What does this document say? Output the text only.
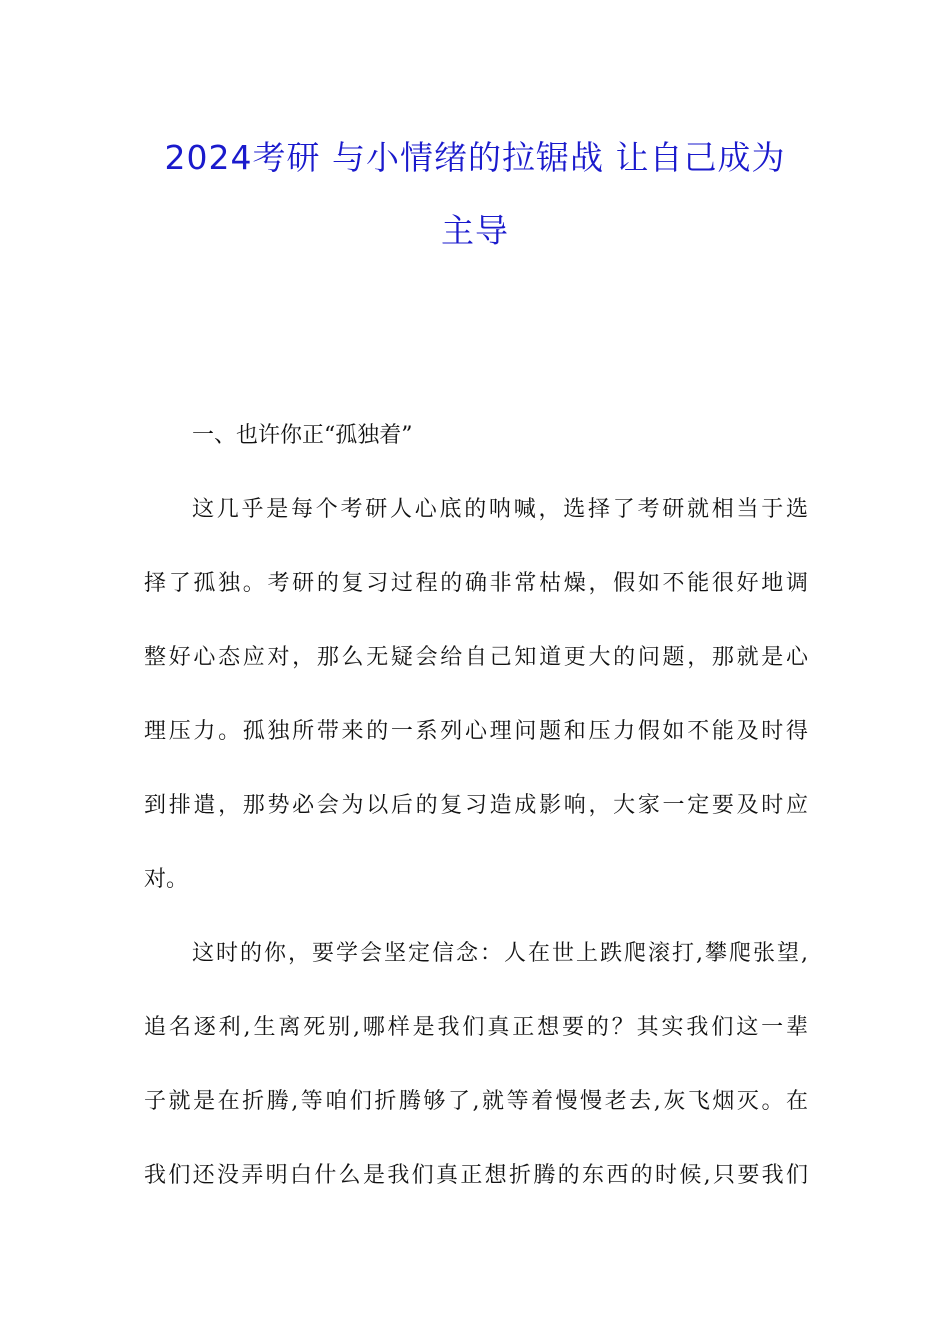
2024考研 与小情绪的拉锯战 让自己成为
主导
一、也许你正“孤独着”
这几乎是每个考研人心底的呐喊，选择了考研就相当于选
择了孤独。考研的复习过程的确非常枯燥，假如不能很好地调
整好心态应对，那么无疑会给自己知道更大的问题，那就是心
理压力。孤独所带来的一系列心理问题和压力假如不能及时得
到排遣，那势必会为以后的复习造成影响，大家一定要及时应
对。
这时的你，要学会坚定信念：人在世上跌爬滚打,攀爬张望,
追名逐利,生离死别,哪样是我们真正想要的？其实我们这一辈
子就是在折腾,等咱们折腾够了,就等着慢慢老去,灰飞烟灭。在
我们还没弄明白什么是我们真正想折腾的东西的时候,只要我们
